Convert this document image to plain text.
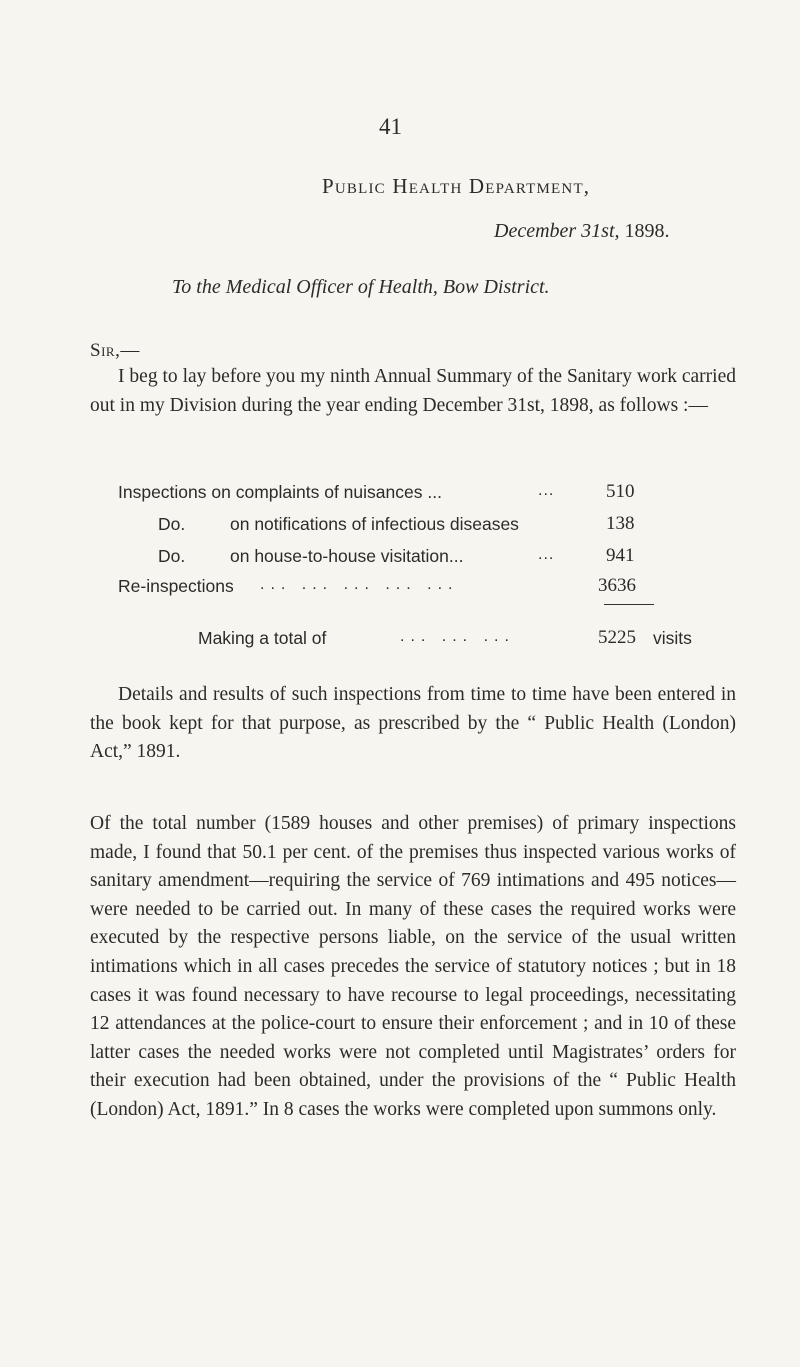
41
Public Health Department,
December 31st, 1898.
To the Medical Officer of Health, Bow District.
Sir,—
I beg to lay before you my ninth Annual Summary of the Sanitary work carried out in my Division during the year ending December 31st, 1898, as follows :—
Inspections on complaints of nuisances ...	...	510
Do.	on notifications of infectious diseases	138
Do.	on house-to-house visitation...	...	941
Re-inspections ... ... ... ... ...	3636
Making a total of	... ... ...	5225 visits
Details and results of such inspections from time to time have been entered in the book kept for that purpose, as prescribed by the “ Public Health (London) Act,” 1891.
Of the total number (1589 houses and other premises) of primary inspections made, I found that 50.1 per cent. of the premises thus inspected various works of sanitary amendment—requiring the service of 769 intimations and 495 notices—were needed to be carried out. In many of these cases the required works were executed by the respective persons liable, on the service of the usual written intimations which in all cases precedes the service of statutory notices ; but in 18 cases it was found necessary to have recourse to legal proceedings, necessitating 12 attendances at the police-court to ensure their enforcement ; and in 10 of these latter cases the needed works were not completed until Magistrates’ orders for their execution had been obtained, under the provisions of the “ Public Health (London) Act, 1891.” In 8 cases the works were completed upon summons only.
